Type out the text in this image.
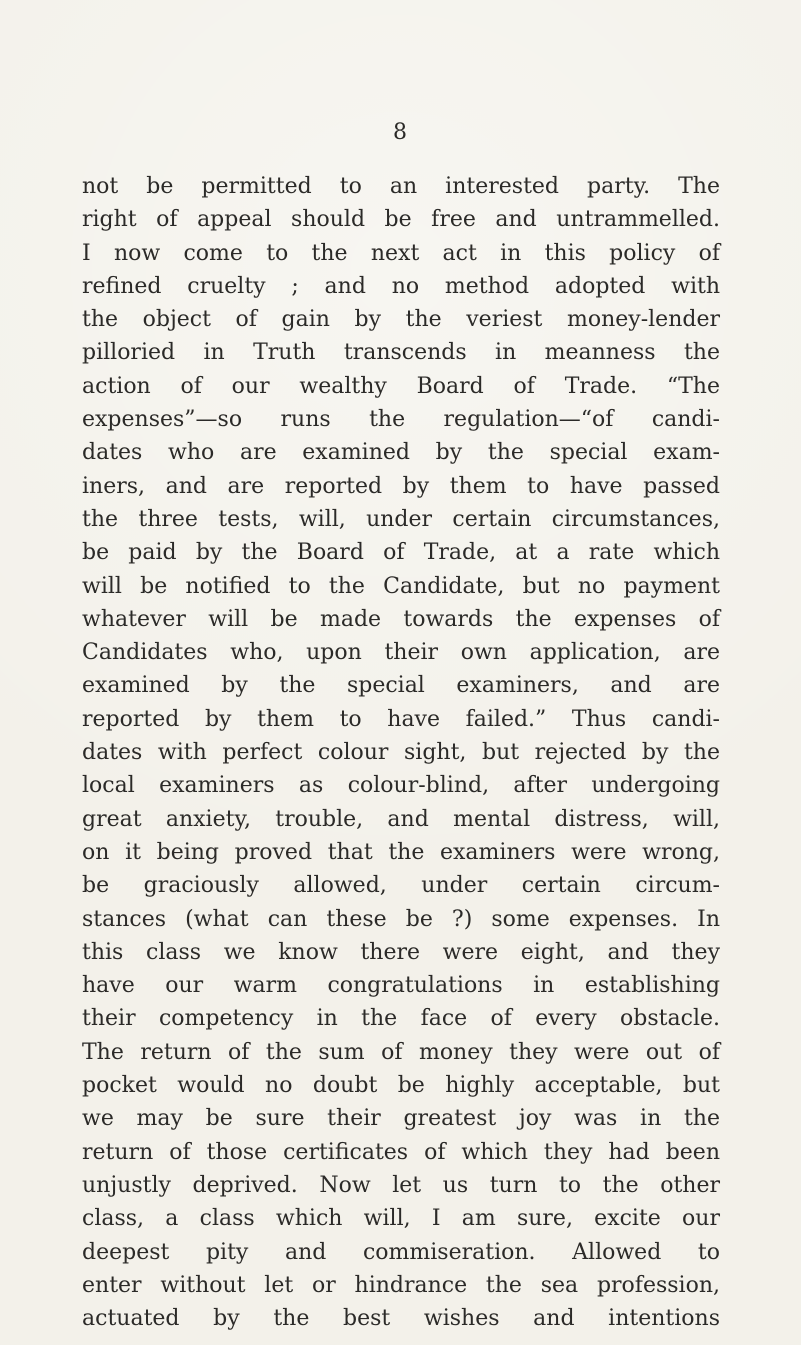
8
not be permitted to an interested party. The
right of appeal should be free and untrammelled.
I now come to the next act in this policy of
refined cruelty ; and no method adopted with
the object of gain by the veriest money-lender
pilloried in Truth transcends in meanness the
action of our wealthy Board of Trade. “The
expenses”—so runs the regulation—“of candi-
dates who are examined by the special exam-
iners, and are reported by them to have passed
the three tests, will, under certain circumstances,
be paid by the Board of Trade, at a rate which
will be notified to the Candidate, but no payment
whatever will be made towards the expenses of
Candidates who, upon their own application, are
examined by the special examiners, and are
reported by them to have failed.” Thus candi-
dates with perfect colour sight, but rejected by the
local examiners as colour-blind, after undergoing
great anxiety, trouble, and mental distress, will,
on it being proved that the examiners were wrong,
be graciously allowed, under certain circum-
stances (what can these be ?) some expenses. In
this class we know there were eight, and they
have our warm congratulations in establishing
their competency in the face of every obstacle.
The return of the sum of money they were out of
pocket would no doubt be highly acceptable, but
we may be sure their greatest joy was in the
return of those certificates of which they had been
unjustly deprived. Now let us turn to the other
class, a class which will, I am sure, excite our
deepest pity and commiseration. Allowed to
enter without let or hindrance the sea profession,
actuated by the best wishes and intentions
